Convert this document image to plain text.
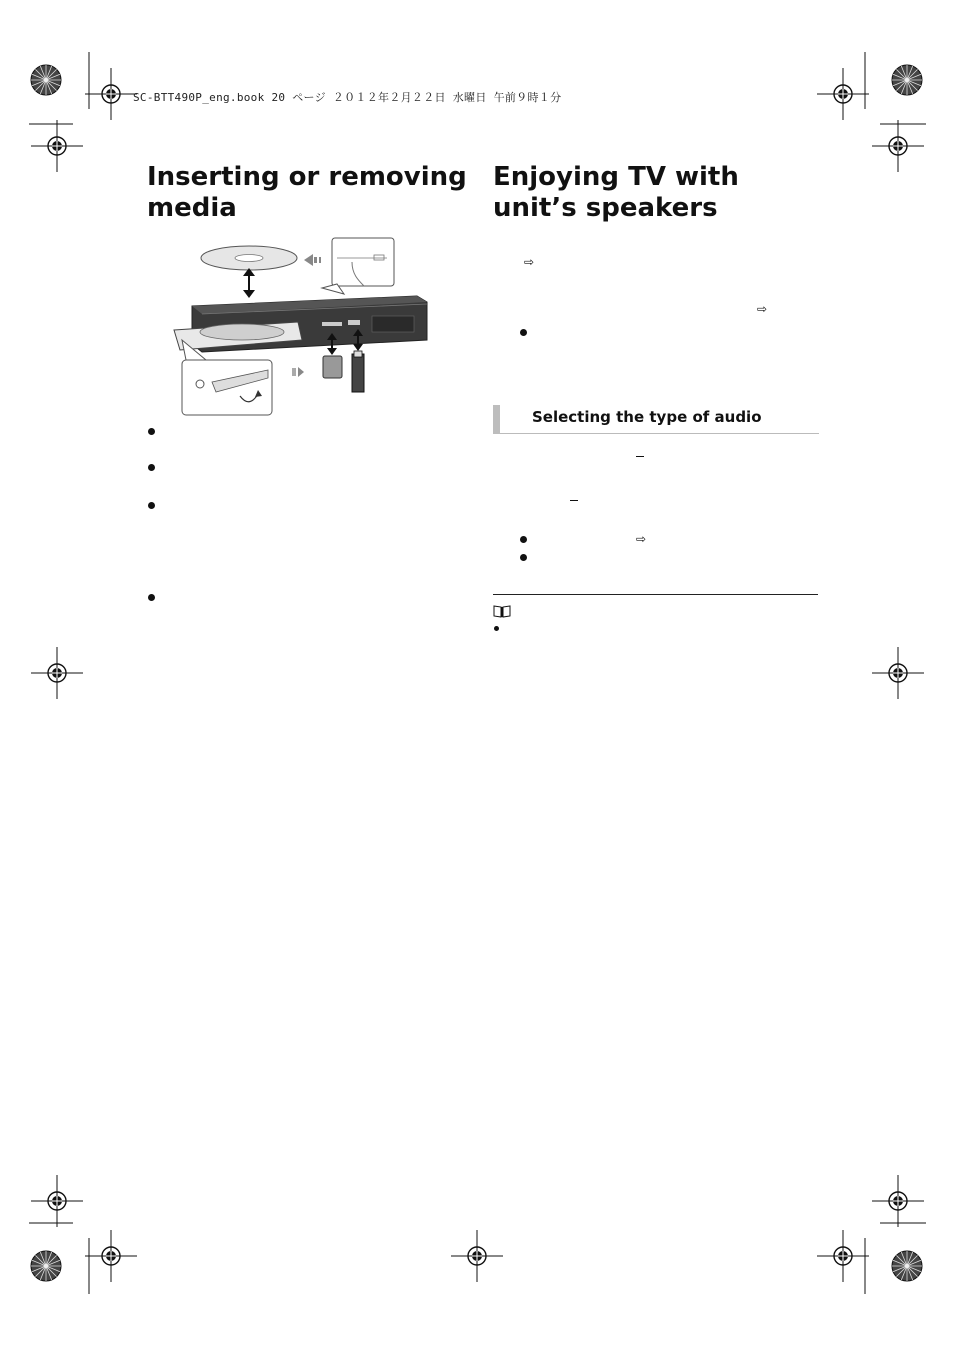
SC-BTT490P_eng.book 20 ページ ２０１２年２月２２日 水曜日 午前９時１分
Inserting or removing media
Enjoying TV with unit’s speakers
⇨
⇨
Selecting the type of audio
⇨
